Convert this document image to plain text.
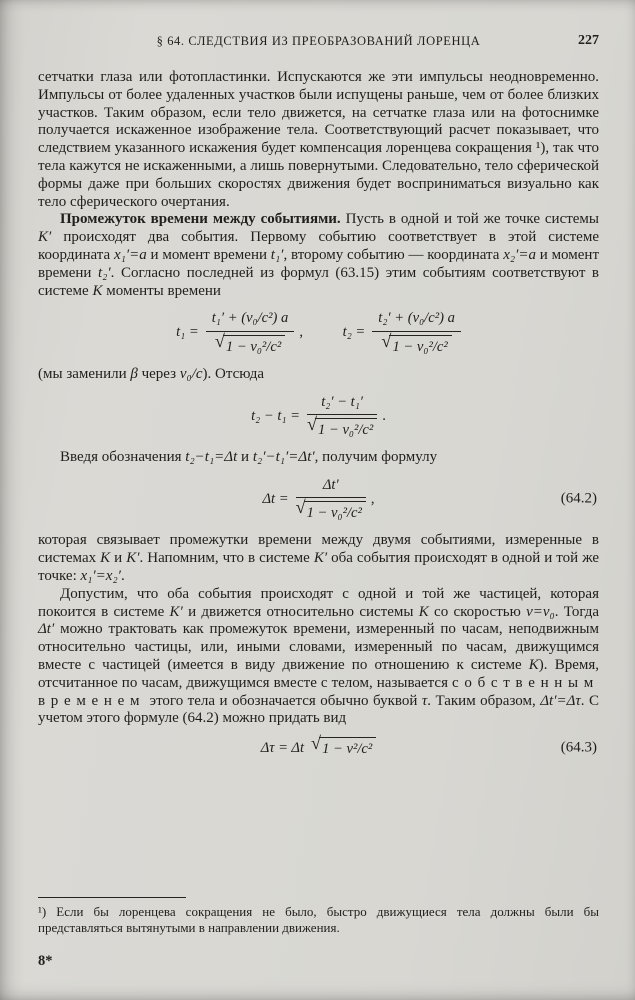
§ 64. СЛЕДСТВИЯ ИЗ ПРЕОБРАЗОВАНИЙ ЛОРЕНЦА	227

сетчатки глаза или фотопластинки. Испускаются же эти импульсы неодновременно. Импульсы от более удаленных участков были испущены раньше, чем от более близких участков. Таким образом, если тело движется, на сетчатке глаза или на фотоснимке получается искаженное изображение тела. Соответствующий расчет показывает, что следствием указанного искажения будет компенсация лоренцева сокращения ¹), так что тела кажутся не искаженными, а лишь повернутыми. Следовательно, тело сферической формы даже при больших скоростях движения будет восприниматься визуально как тело сферического очертания.

Промежуток времени между событиями. Пусть в одной и той же точке системы K′ происходят два события. Первому событию соответствует в этой системе координата x₁′=a и момент времени t₁′, второму событию — координата x₂′=a и момент времени t₂′. Согласно последней из формул (63.15) этим событиям соответствуют в системе K моменты времени

$t_1 = \frac{\text{t₁′ + (v₀/c²) a}}{\text{√ 1 − v₀²/c²}}$ ,
	$t_2 = \frac{\text{t₂′ + (v₀/c²) a}}{\text{√ 1 − v₀²/c²}}$

(мы заменили β через v₀/c). Отсюда

$t_2 - t_1 = \frac{\text{t₂′ − t₁′}}{\text{√ 1 − v₀²/c²}}$ .

Введя обозначения t₂−t₁=Δt и t₂′−t₁′=Δt′, получим формулу

$\Delta t = \frac{\Delta t'}{\text{√ 1 − v₀²/c²}}$ ,	(64.2)

которая связывает промежутки времени между двумя событиями, измеренные в системах K и K′. Напомним, что в системе K′ оба события происходят в одной и той же точке: x₁′=x₂′.

Допустим, что оба события происходят с одной и той же частицей, которая покоится в системе K′ и движется относительно системы K со скоростью v=v₀. Тогда Δt′ можно трактовать как промежуток времени, измеренный по часам, неподвижным относительно частицы, или, иными словами, измеренный по часам, движущимся вместе с частицей (имеется в виду движение по отношению к системе K). Время, отсчитанное по часам, движущимся вместе с телом, называется собственным временем этого тела и обозначается обычно буквой τ. Таким образом, Δt′=Δτ. С учетом этого формуле (64.2) можно придать вид

Δτ = Δt √ 1 − v²/c²	(64.3)
¹) Если бы лоренцева сокращения не было, быстро движущиеся тела должны были бы представляться вытянутыми в направлении движения.
8*
